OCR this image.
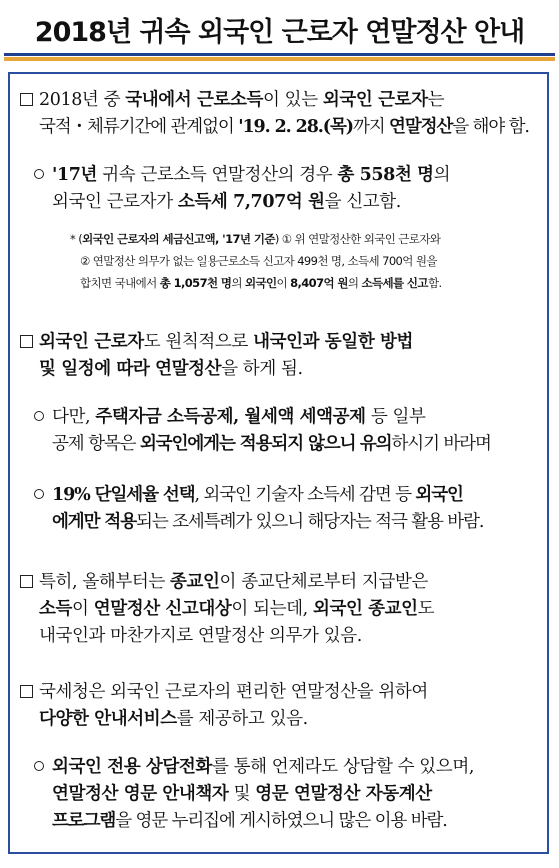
2018년 귀속 외국인 근로자 연말정산 안내
2018년 중 국내에서 근로소득이 있는 외국인 근로자는
국적・체류기간에 관계없이 '19. 2. 28.(목)까지 연말정산을 해야 함.
'17년 귀속 근로소득 연말정산의 경우 총 558천 명의
외국인 근로자가 소득세 7,707억 원을 신고함.
* (외국인 근로자의 세금신고액, '17년 기준) ① 위 연말정산한 외국인 근로자와
② 연말정산 의무가 없는 일용근로소득 신고자 499천 명, 소득세 700억 원을
합치면 국내에서 총 1,057천 명의 외국인이 8,407억 원의 소득세를 신고함.
외국인 근로자도 원칙적으로 내국인과 동일한 방법
및 일정에 따라 연말정산을 하게 됨.
다만, 주택자금 소득공제, 월세액 세액공제 등 일부
공제 항목은 외국인에게는 적용되지 않으니 유의하시기 바라며
19% 단일세율 선택, 외국인 기술자 소득세 감면 등 외국인
에게만 적용되는 조세특례가 있으니 해당자는 적극 활용 바람.
특히, 올해부터는 종교인이 종교단체로부터 지급받은
소득이 연말정산 신고대상이 되는데, 외국인 종교인도
내국인과 마찬가지로 연말정산 의무가 있음.
국세청은 외국인 근로자의 편리한 연말정산을 위하여
다양한 안내서비스를 제공하고 있음.
외국인 전용 상담전화를 통해 언제라도 상담할 수 있으며,
연말정산 영문 안내책자 및 영문 연말정산 자동계산
프로그램을 영문 누리집에 게시하였으니 많은 이용 바람.
